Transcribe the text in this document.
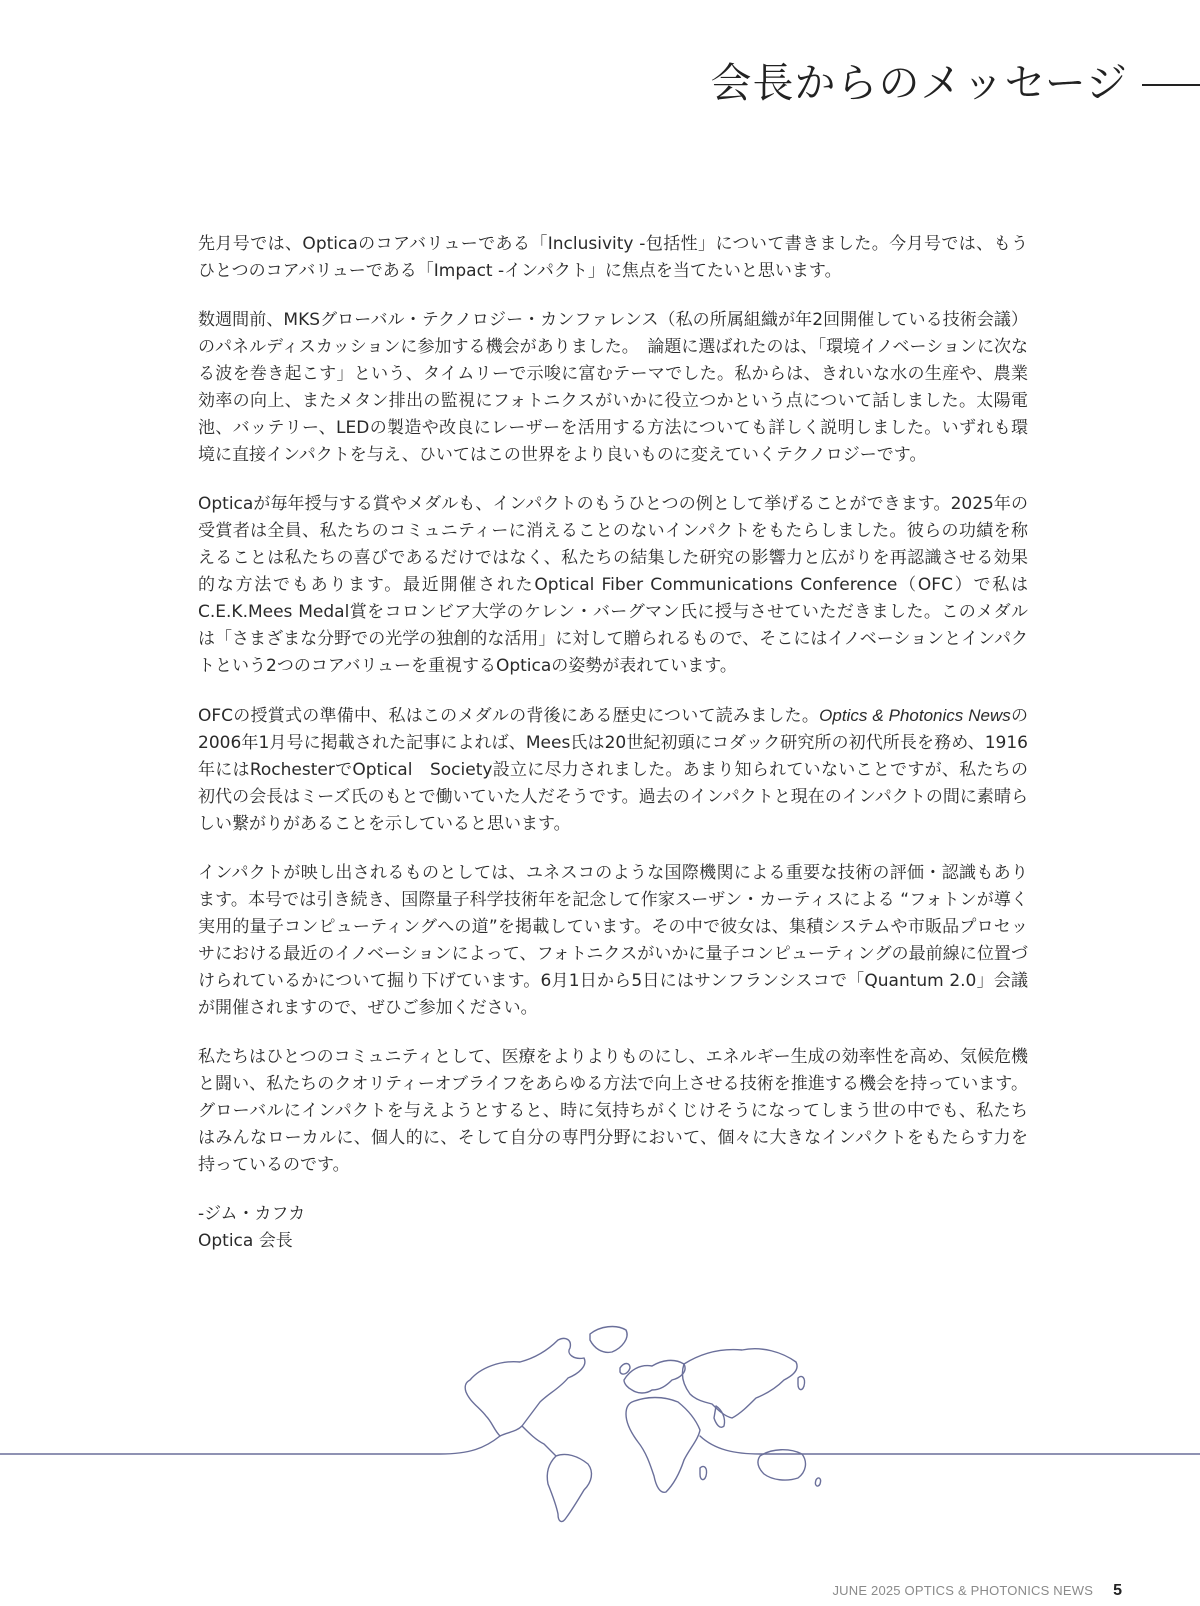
会長からのメッセージ

先月号では、Opticaのコアバリューである「Inclusivity -包括性」について書きました。今月号では、もうひとつのコアバリューである「Impact -インパクト」に焦点を当てたいと思います。

数週間前、MKSグローバル・テクノロジー・カンファレンス（私の所属組織が年2回開催している技術会議）のパネルディスカッションに参加する機会がありました。　論題に選ばれたのは、「環境イノベーションに次なる波を巻き起こす」という、タイムリーで示唆に富むテーマでした。私からは、きれいな水の生産や、農業効率の向上、またメタン排出の監視にフォトニクスがいかに役立つかという点について話しました。太陽電池、バッテリー、LEDの製造や改良にレーザーを活用する方法についても詳しく説明しました。いずれも環境に直接インパクトを与え、ひいてはこの世界をより良いものに変えていくテクノロジーです。

Opticaが毎年授与する賞やメダルも、インパクトのもうひとつの例として挙げることができます。2025年の受賞者は全員、私たちのコミュニティーに消えることのないインパクトをもたらしました。彼らの功績を称えることは私たちの喜びであるだけではなく、私たちの結集した研究の影響力と広がりを再認識させる効果的な方法でもあります。最近開催されたOptical Fiber Communications Conference（OFC）で私はC.E.K.Mees Medal賞をコロンビア大学のケレン・バーグマン氏に授与させていただきました。このメダルは「さまざまな分野での光学の独創的な活用」に対して贈られるもので、そこにはイノベーションとインパクトという2つのコアバリューを重視するOpticaの姿勢が表れています。

OFCの授賞式の準備中、私はこのメダルの背後にある歴史について読みました。Optics & Photonics Newsの2006年1月号に掲載された記事によれば、Mees氏は20世紀初頭にコダック研究所の初代所長を務め、1916年にはRochesterでOptical　Society設立に尽力されました。あまり知られていないことですが、私たちの初代の会長はミーズ氏のもとで働いていた人だそうです。過去のインパクトと現在のインパクトの間に素晴らしい繋がりがあることを示していると思います。

インパクトが映し出されるものとしては、ユネスコのような国際機関による重要な技術の評価・認識もあります。本号では引き続き、国際量子科学技術年を記念して作家スーザン・カーティスによる “フォトンが導く実用的量子コンピューティングへの道”を掲載しています。その中で彼女は、集積システムや市販品プロセッサにおける最近のイノベーションによって、フォトニクスがいかに量子コンピューティングの最前線に位置づけられているかについて掘り下げています。6月1日から5日にはサンフランシスコで「Quantum 2.0」会議が開催されますので、ぜひご参加ください。

私たちはひとつのコミュニティとして、医療をよりよりものにし、エネルギー生成の効率性を高め、気候危機と闘い、私たちのクオリティーオブライフをあらゆる方法で向上させる技術を推進する機会を持っています。グローバルにインパクトを与えようとすると、時に気持ちがくじけそうになってしまう世の中でも、私たちはみんなローカルに、個人的に、そして自分の専門分野において、個々に大きなインパクトをもたらす力を持っているのです。

-ジム・カフカ
Optica 会長
JUNE 2025 OPTICS & PHOTONICS NEWS 5
